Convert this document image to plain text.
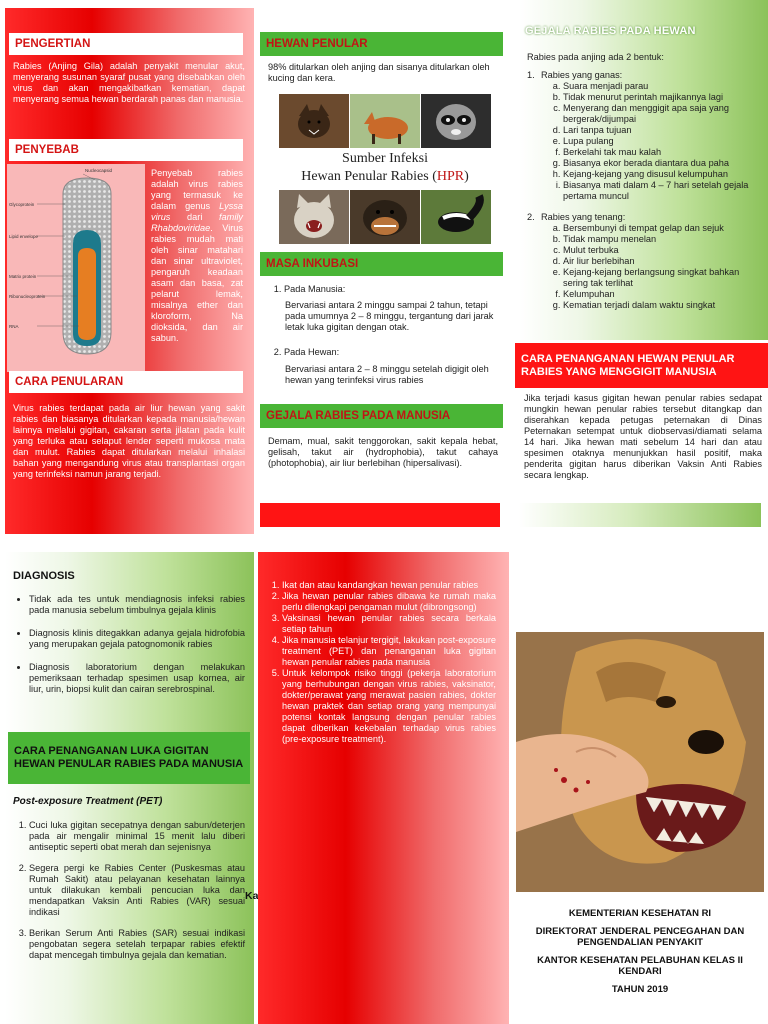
PENGERTIAN

Rabies (Anjing Gila) adalah penyakit menular akut, menyerang susunan syaraf pusat yang disebabkan oleh virus dan akan mengakibatkan kematian, dapat menyerang semua hewan berdarah panas dan manusia.

PENYEBAB
Glycoprotein
Lipid envelope
Matrix protein
Ribonucleoprotein
RNA
Nucleocapsid	Penyebab rabies adalah virus rabies yang termasuk ke dalam genus Lyssa virus dari family Rhabdoviridae. Virus rabies mudah mati oleh sinar matahari dan sinar ultraviolet, pengaruh keadaan asam dan basa, zat pelarut lemak, misalnya ether dan kloroform, Na dioksida, dan air sabun.

CARA PENULARAN

Virus rabies terdapat pada air liur hewan yang sakit rabies dan biasanya ditularkan kepada manusia/hewan lainnya melalui gigitan, cakaran serta jilatan pada kulit yang terluka atau selaput lender seperti mukosa mata dan mulut. Rabies dapat ditularkan melalui inhalasi bahan yang mengandung virus atau transplantasi organ yang terinfeksi namun jarang terjadi.

HEWAN PENULAR

98% ditularkan oleh anjing dan sisanya ditularkan oleh kucing dan kera.

Sumber Infeksi
Hewan Penular Rabies (HPR)
MASA INKUBASI
1. Pada Manusia:

Bervariasi antara 2 minggu sampai 2 tahun, tetapi pada umumnya 2 – 8 minggu, tergantung dari jarak letak luka gigitan dengan otak.

2. Pada Hewan:

Bervariasi antara 2 – 8 minggu setelah digigit oleh hewan yang terinfeksi virus rabies

GEJALA RABIES PADA MANUSIA

Demam, mual, sakit tenggorokan, sakit kepala hebat, gelisah, takut air (hydrophobia), takut cahaya (photophobia), air liur berlebihan (hipersalivasi).

GEJALA RABIES PADA HEWAN

Rabies pada anjing ada 2 bentuk:

1. Rabies yang ganas:
a. Suara menjadi parau
b. Tidak menurut perintah majikannya lagi
c. Menyerang dan menggigit apa saja yang bergerak/dijumpai
d. Lari tanpa tujuan
e. Lupa pulang
f. Berkelahi tak mau kalah
g. Biasanya ekor berada diantara dua paha
h. Kejang-kejang yang disusul kelumpuhan
i. Biasanya mati dalam 4 – 7 hari setelah gejala pertama muncul
2. Rabies yang tenang:
a. Bersembunyi di tempat gelap dan sejuk
b. Tidak mampu menelan
c. Mulut terbuka
d. Air liur berlebihan
e. Kejang-kejang berlangsung singkat bahkan sering tak terlihat
f. Kelumpuhan
g. Kematian terjadi dalam waktu singkat
CARA PENANGANAN HEWAN PENULAR RABIES YANG MENGGIGIT MANUSIA

Jika terjadi kasus gigitan hewan penular rabies sedapat mungkin hewan penular rabies tersebut ditangkap dan diserahkan kepada petugas peternakan di Dinas Peternakan setempat untuk diobservasi/diamati selama 14 hari. Jika hewan mati sebelum 14 hari dan atau spesimen otaknya menunjukkan hasil positif, maka penderita gigitan harus diberikan Vaksin Anti Rabies secara lengkap.

DIAGNOSIS
• Tidak ada tes untuk mendiagnosis infeksi rabies pada manusia sebelum timbulnya gejala klinis
• Diagnosis klinis ditegakkan adanya gejala hidrofobia yang merupakan gejala patognomonik rabies
• Diagnosis laboratorium dengan melakukan pemeriksaan terhadap spesimen usap kornea, air liur, urin, biopsi kulit dan cairan serebrospinal.
CARA PENANGANAN LUKA GIGITAN HEWAN PENULAR RABIES PADA MANUSIA

Post-exposure Treatment (PET)

1. Cuci luka gigitan secepatnya dengan sabun/deterjen pada air mengalir minimal 15 menit lalu diberi antiseptic seperti obat merah dan sejenisnya
2. Segera pergi ke Rabies Center (Puskesmas atau Rumah Sakit) atau pelayanan kesehatan lainnya untuk dilakukan kembali pencucian luka dan mendapatkan Vaksin Anti Rabies (VAR) sesuai indikasi
3. Berikan Serum Anti Rabies (SAR) sesuai indikasi pengobatan segera setelah terpapar rabies efektif dapat mencegah timbulnya gejala dan kematian.
Ka
1. Ikat dan atau kandangkan hewan penular rabies
2. Jika hewan penular rabies dibawa ke rumah maka perlu dilengkapi pengaman mulut (dibrongsong)
3. Vaksinasi hewan penular rabies secara berkala setiap tahun
4. Jika manusia telanjur tergigit, lakukan post-exposure treatment (PET) dan penanganan luka gigitan hewan penular rabies pada manusia
5. Untuk kelompok risiko tinggi (pekerja laboratorium yang berhubungan dengan virus rabies, vaksinator, dokter/perawat yang merawat pasien rabies, dokter hewan praktek dan setiap orang yang mempunyai potensi kontak langsung dengan penular rabies dapat diberikan kekebalan terhadap virus rabies (pre-exposure treatment).
KEMENTERIAN KESEHATAN RI
DIREKTORAT JENDERAL PENCEGAHAN DAN PENGENDALIAN PENYAKIT
KANTOR KESEHATAN PELABUHAN KELAS II KENDARI
TAHUN 2019
